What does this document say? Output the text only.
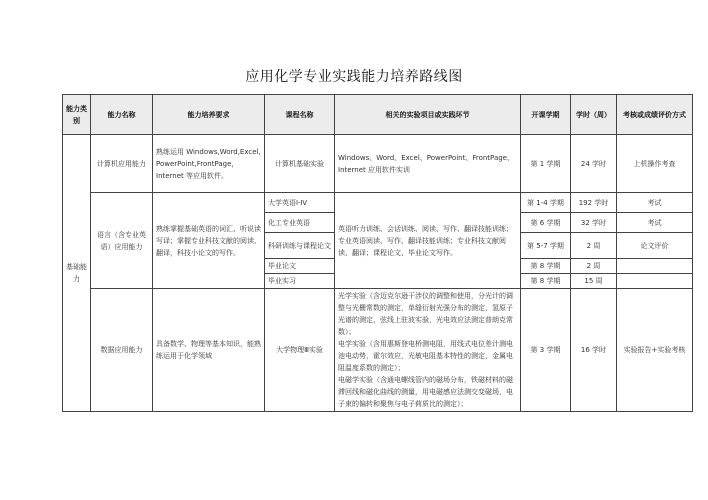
应用化学专业实践能力培养路线图
能力类别	能力名称	能力培养要求	课程名称	相关的实验项目或实践环节	开课学期	学时（周）	考核或成绩评价方式
基础能力	计算机应用能力	熟练运用 Windows,Word,Excel, PowerPoint,FrontPage，Internet 等应用软件。	计算机基础实验	Windows、Word、Excel、PowerPoint、FrontPage、Internet 应用软件实训	第 1 学期	24 学时	上机操作考查
	语言（含专业英语）应用能力	熟练掌握基础英语的词汇、听说读写译；掌握专业科技文献的阅读、翻译，科技小论文的写作。	大学英语Ⅰ-Ⅳ	英语听力训练、会话训练、阅读、写作、翻译技能训练；专业英语阅读、写作、翻译技能训练；专业科技文献阅读、翻译；课程论文、毕业论文写作。	第 1-4 学期	192 学时	考试
			化工专业英语		第 6 学期	32 学时	考试
			科研训练与课程论文		第 5-7 学期	2 周	论文评价
			毕业论文		第 8 学期	2 周	
			毕业实习		第 8 学期	15 周	
	数据应用能力	具备数学、物理等基本知识，能熟练运用于化学领域	大学物理Ⅲ实验	光学实验（含迈克尔逊干涉仪的调整和使用，分光计的调整与光栅常数的测定，单缝衍射光强分布的测定，氢原子光谱的测定，弦线上驻波实验，光电效应法测定普朗克常数）；
电学实验（含用惠斯登电桥测电阻，用线式电位差计测电池电动势，霍尔效应，光敏电阻基本特性的测定，金属电阻温度系数的测定）；
电磁学实验（含通电螺线管内的磁场分布，铁磁材料的磁滞回线和磁化曲线的测量，用电磁感应法测交变磁场，电子束的偏转和聚焦与电子荷质比的测定）；	第 3 学期	16 学时	实验报告+实验考核
